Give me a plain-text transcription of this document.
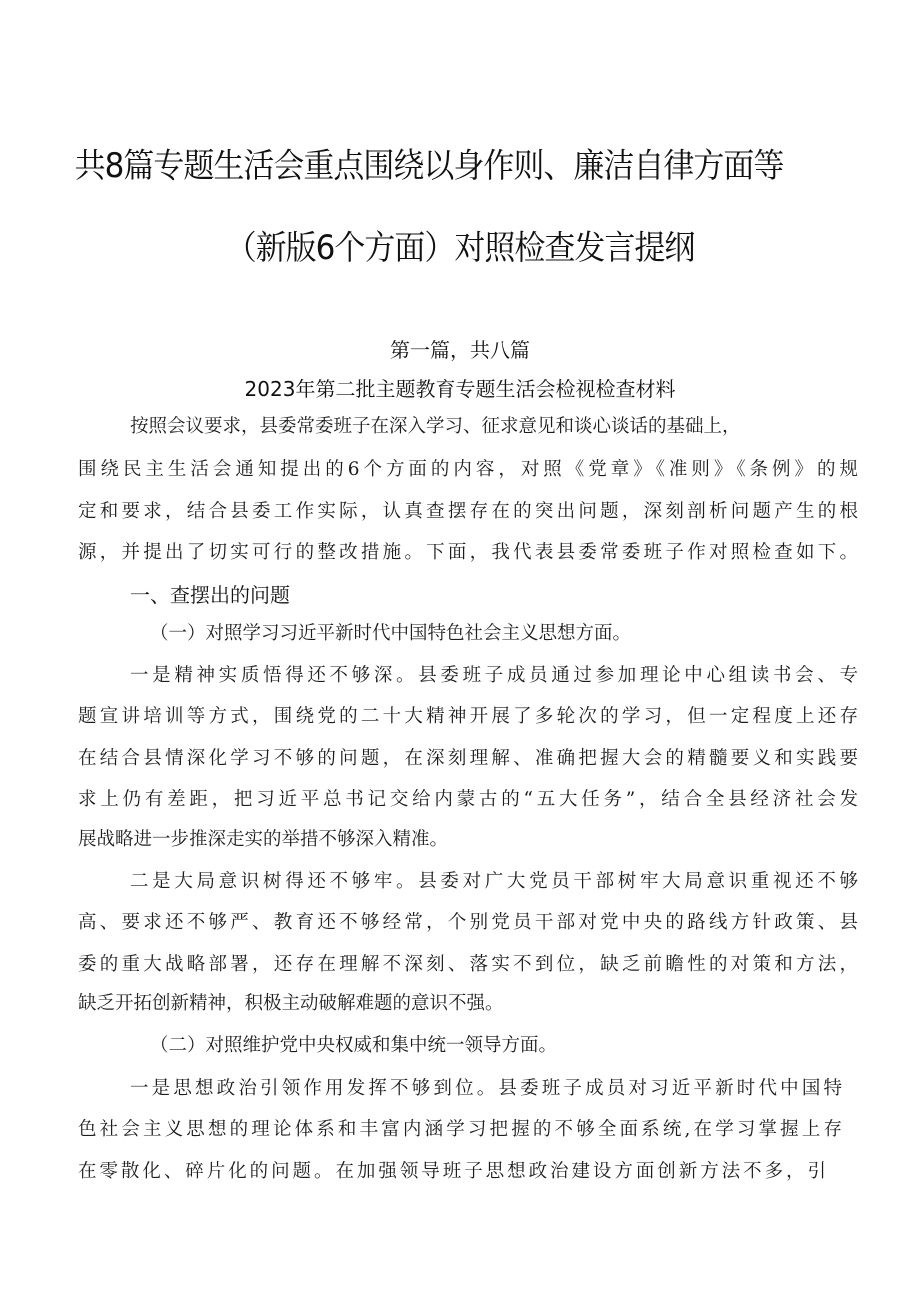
共8篇专题生活会重点围绕以身作则、廉洁自律方面等
（新版6个方面）对照检查发言提纲
第一篇，共八篇
2023年第二批主题教育专题生活会检视检查材料
按照会议要求，县委常委班子在深入学习、征求意见和谈心谈话的基础上，
围绕民主生活会通知提出的6个方面的内容，对照《党章》《准则》《条例》的规
定和要求，结合县委工作实际，认真查摆存在的突出问题，深刻剖析问题产生的根
源，并提出了切实可行的整改措施。下面，我代表县委常委班子作对照检查如下。
一、查摆出的问题
（一）对照学习习近平新时代中国特色社会主义思想方面。
一是精神实质悟得还不够深。县委班子成员通过参加理论中心组读书会、专
题宣讲培训等方式，围绕党的二十大精神开展了多轮次的学习，但一定程度上还存
在结合县情深化学习不够的问题，在深刻理解、准确把握大会的精髓要义和实践要
求上仍有差距，把习近平总书记交给内蒙古的“五大任务”，结合全县经济社会发
展战略进一步推深走实的举措不够深入精准。
二是大局意识树得还不够牢。县委对广大党员干部树牢大局意识重视还不够
高、要求还不够严、教育还不够经常，个别党员干部对党中央的路线方针政策、县
委的重大战略部署，还存在理解不深刻、落实不到位，缺乏前瞻性的对策和方法，
缺乏开拓创新精神，积极主动破解难题的意识不强。
（二）对照维护党中央权威和集中统一领导方面。
一是思想政治引领作用发挥不够到位。县委班子成员对习近平新时代中国特
色社会主义思想的理论体系和丰富内涵学习把握的不够全面系统,在学习掌握上存
在零散化、碎片化的问题。在加强领导班子思想政治建设方面创新方法不多，引
